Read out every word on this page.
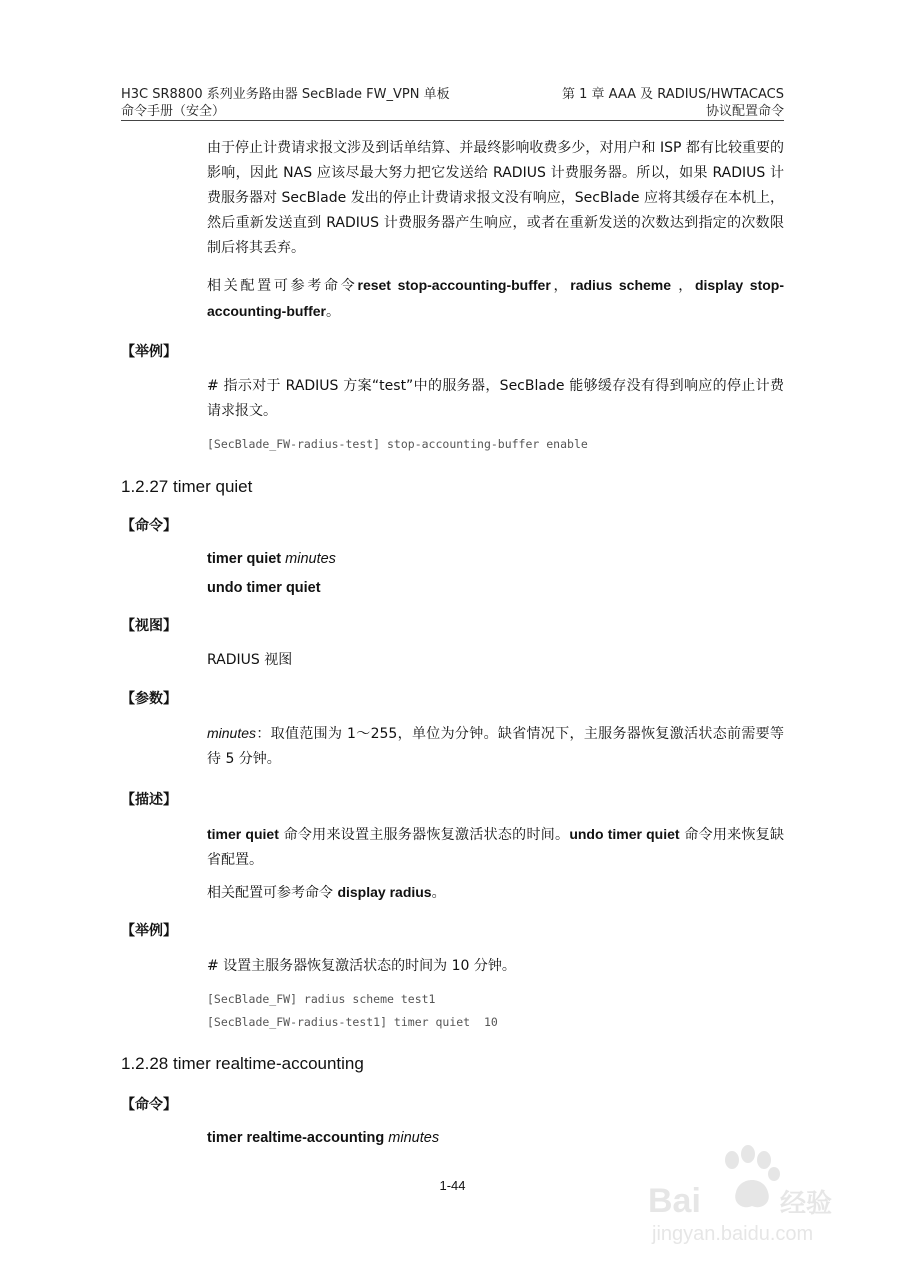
H3C SR8800 系列业务路由器 SecBlade FW_VPN 单板
命令手册（安全）
第 1 章 AAA 及 RADIUS/HWTACACS
协议配置命令
由于停止计费请求报文涉及到话单结算、并最终影响收费多少，对用户和 ISP 都有比较重要的影响，因此 NAS 应该尽最大努力把它发送给 RADIUS 计费服务器。所以，如果 RADIUS 计费服务器对 SecBlade 发出的停止计费请求报文没有响应，SecBlade 应将其缓存在本机上，然后重新发送直到 RADIUS 计费服务器产生响应，或者在重新发送的次数达到指定的次数限制后将其丢弃。
相关配置可参考命令reset stop-accounting-buffer，radius scheme ，display stop-accounting-buffer。
【举例】
# 指示对于 RADIUS 方案“test”中的服务器，SecBlade 能够缓存没有得到响应的停止计费请求报文。
[SecBlade_FW-radius-test] stop-accounting-buffer enable
1.2.27 timer quiet
【命令】
timer quiet minutes
undo timer quiet
【视图】
RADIUS 视图
【参数】
minutes：取值范围为 1～255，单位为分钟。缺省情况下，主服务器恢复激活状态前需要等待 5 分钟。
【描述】
timer quiet 命令用来设置主服务器恢复激活状态的时间。undo timer quiet 命令用来恢复缺省配置。
相关配置可参考命令 display radius。
【举例】
# 设置主服务器恢复激活状态的时间为 10 分钟。
[SecBlade_FW] radius scheme test1
[SecBlade_FW-radius-test1] timer quiet  10
1.2.28 timer realtime-accounting
【命令】
timer realtime-accounting minutes
1-44	Bai	经验
jingyan.baidu.com
